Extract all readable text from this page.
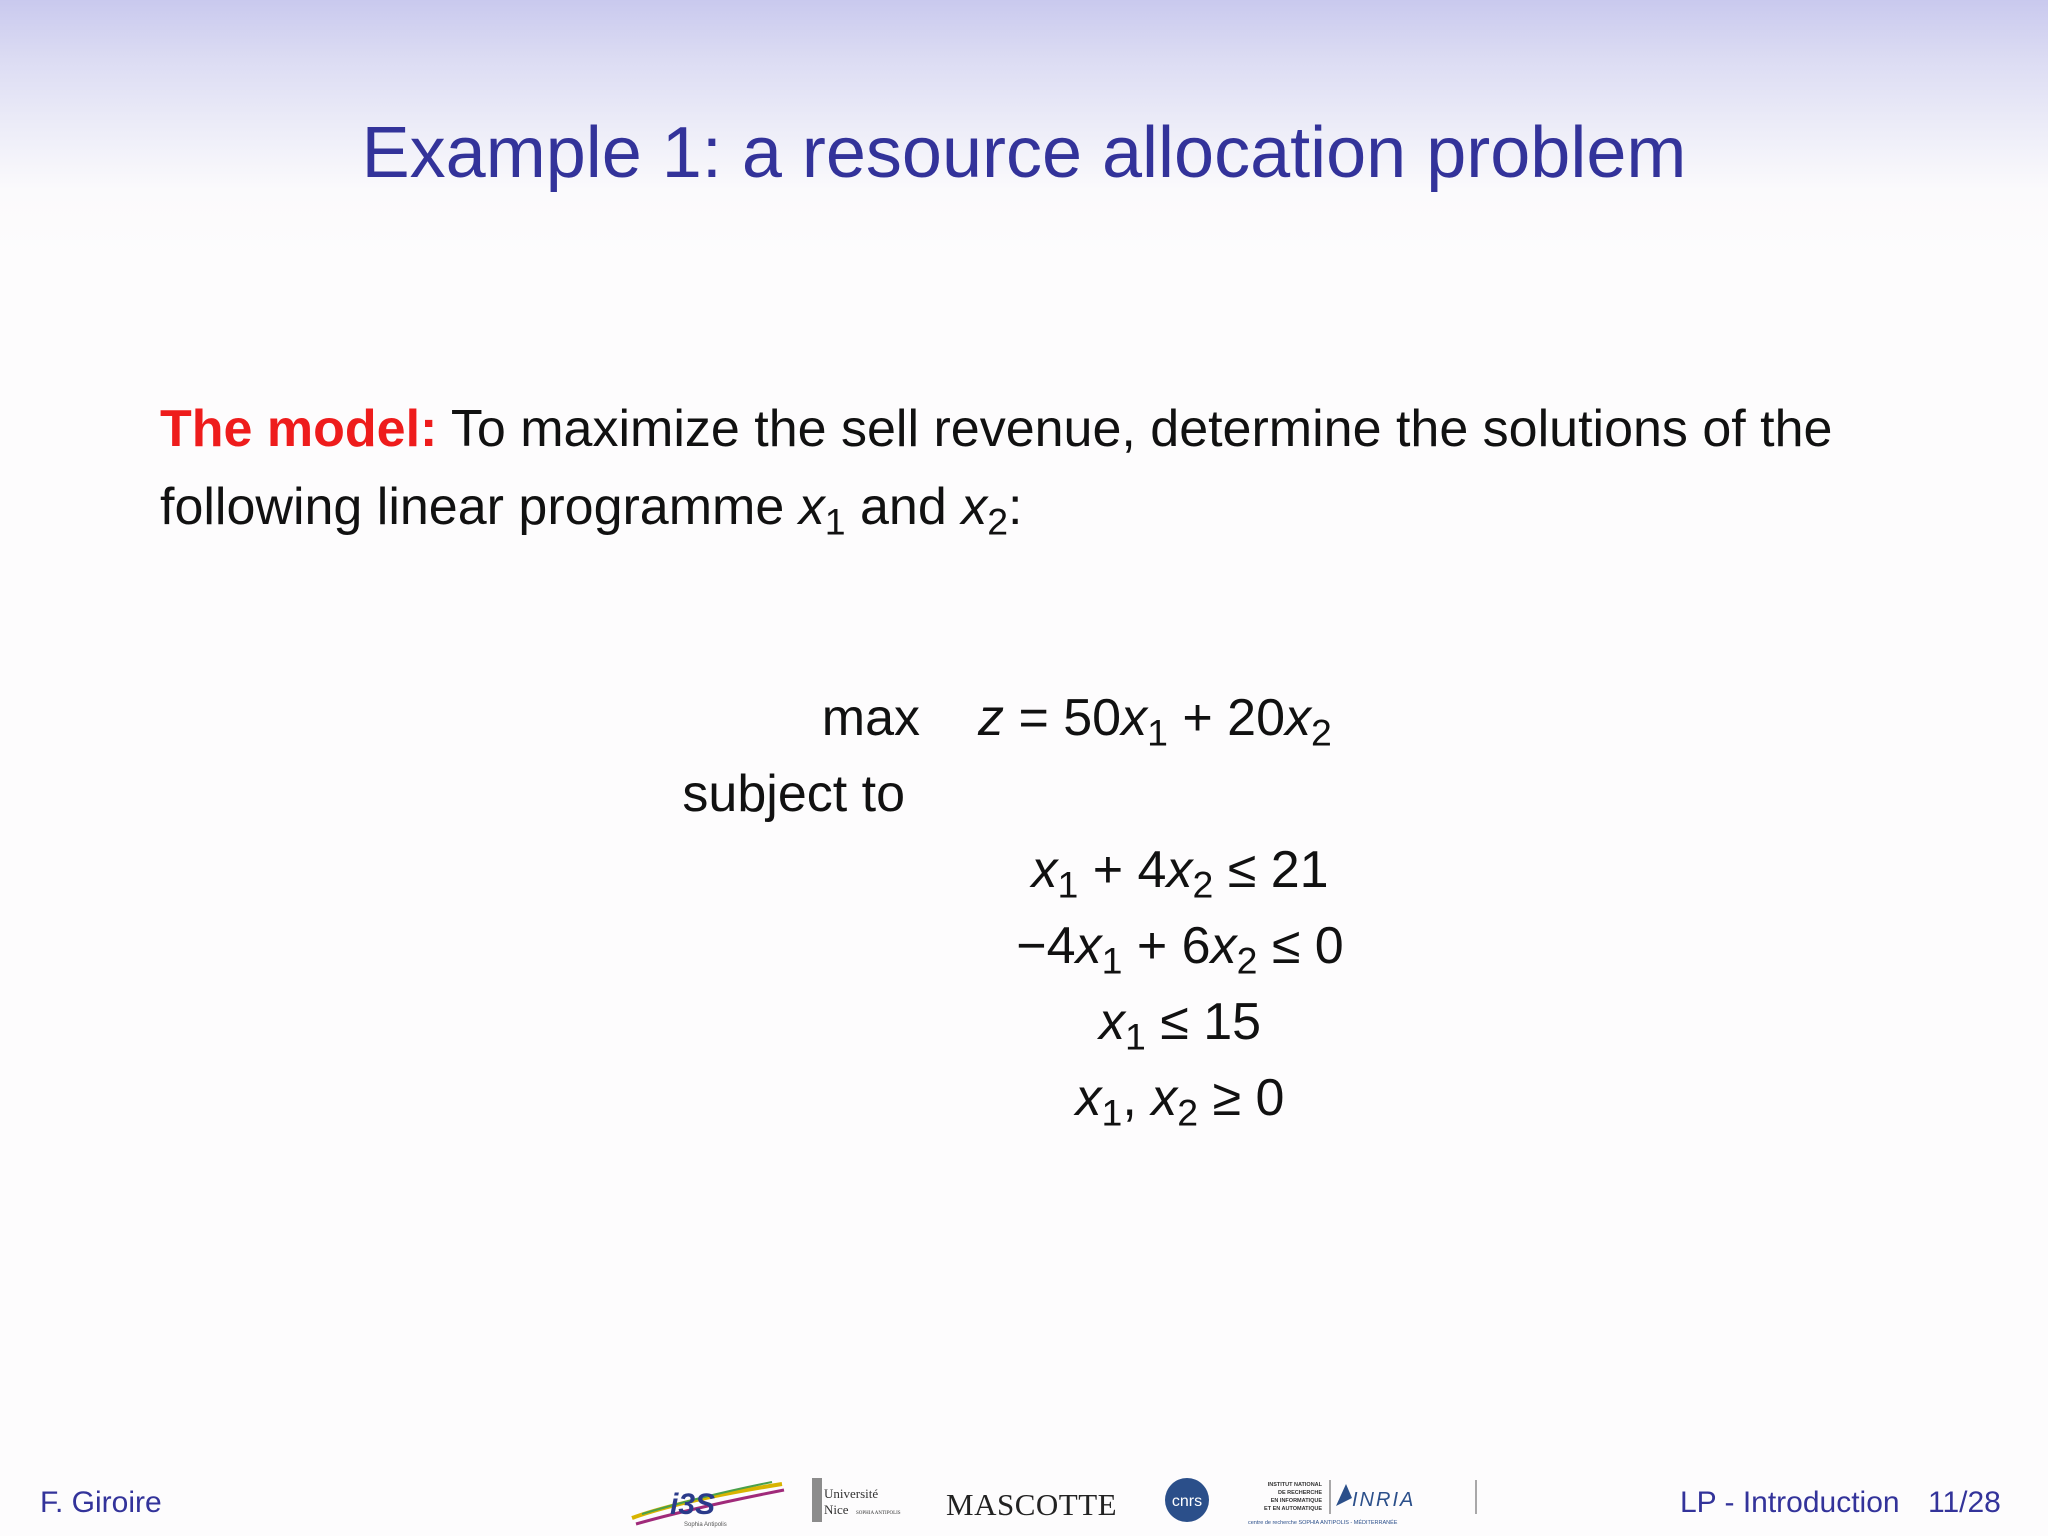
Example 1: a resource allocation problem
The model: To maximize the sell revenue, determine the solutions of the following linear programme $x_1$ and $x_2$:
$\max z = 50x_1 + 20x_2$
subject to
$x_1 + 4x_2 \le 21$
$-4x_1 + 6x_2 \le 0$
$x_1 \le 15$
$x_1$, $x_2 \ge 0$
F. Giroire	i3S
Sophia Antipolis
Université
Nice SOPHIA ANTIPOLIS MASCOTTE	cnrs
INSTITUT NATIONAL
DE RECHERCHE
EN INFORMATIQUE
ET EN AUTOMATIQUE INRIA
centre de recherche SOPHIA ANTIPOLIS - MÉDITERRANÉE
LP - Introduction 11/28
